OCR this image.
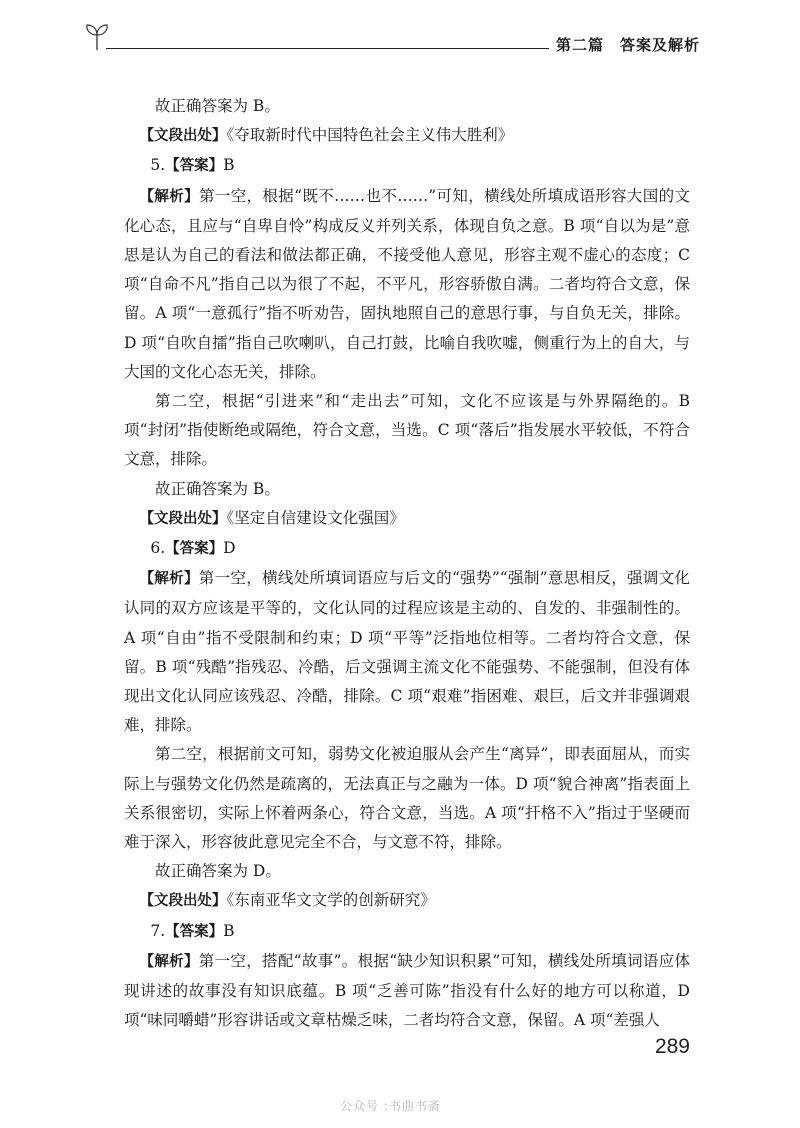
第二篇　答案及解析

故正确答案为 B。

【文段出处】《夺取新时代中国特色社会主义伟大胜利》

5.【答案】B

【解析】第一空，根据“既不……也不……”可知，横线处所填成语形容大国的文化心态，且应与“自卑自怜”构成反义并列关系，体现自负之意。B 项“自以为是”意思是认为自己的看法和做法都正确，不接受他人意见，形容主观不虚心的态度；C 项“自命不凡”指自己以为很了不起，不平凡，形容骄傲自满。二者均符合文意，保留。A 项“一意孤行”指不听劝告，固执地照自己的意思行事，与自负无关，排除。D 项“自吹自擂”指自己吹喇叭，自己打鼓，比喻自我吹嘘，侧重行为上的自大，与大国的文化心态无关，排除。

第二空，根据“引进来”和“走出去”可知，文化不应该是与外界隔绝的。B 项“封闭”指使断绝或隔绝，符合文意，当选。C 项“落后”指发展水平较低，不符合文意，排除。

故正确答案为 B。

【文段出处】《坚定自信建设文化强国》

6.【答案】D

【解析】第一空，横线处所填词语应与后文的“强势”“强制”意思相反，强调文化认同的双方应该是平等的，文化认同的过程应该是主动的、自发的、非强制性的。A 项“自由”指不受限制和约束；D 项“平等”泛指地位相等。二者均符合文意，保留。B 项“残酷”指残忍、冷酷，后文强调主流文化不能强势、不能强制，但没有体现出文化认同应该残忍、冷酷，排除。C 项“艰难”指困难、艰巨，后文并非强调艰难，排除。

第二空，根据前文可知，弱势文化被迫服从会产生“离异”，即表面屈从，而实际上与强势文化仍然是疏离的，无法真正与之融为一体。D 项“貌合神离”指表面上关系很密切，实际上怀着两条心，符合文意，当选。A 项“扞格不入”指过于坚硬而难于深入，形容彼此意见完全不合，与文意不符，排除。

故正确答案为 D。

【文段出处】《东南亚华文文学的创新研究》

7.【答案】B

【解析】第一空，搭配“故事”。根据“缺少知识积累”可知，横线处所填词语应体现讲述的故事没有知识底蕴。B 项“乏善可陈”指没有什么好的地方可以称道，D 项“味同嚼蜡”形容讲话或文章枯燥乏味，二者均符合文意，保留。A 项“差强人

289
公众号 :书曲书斋
